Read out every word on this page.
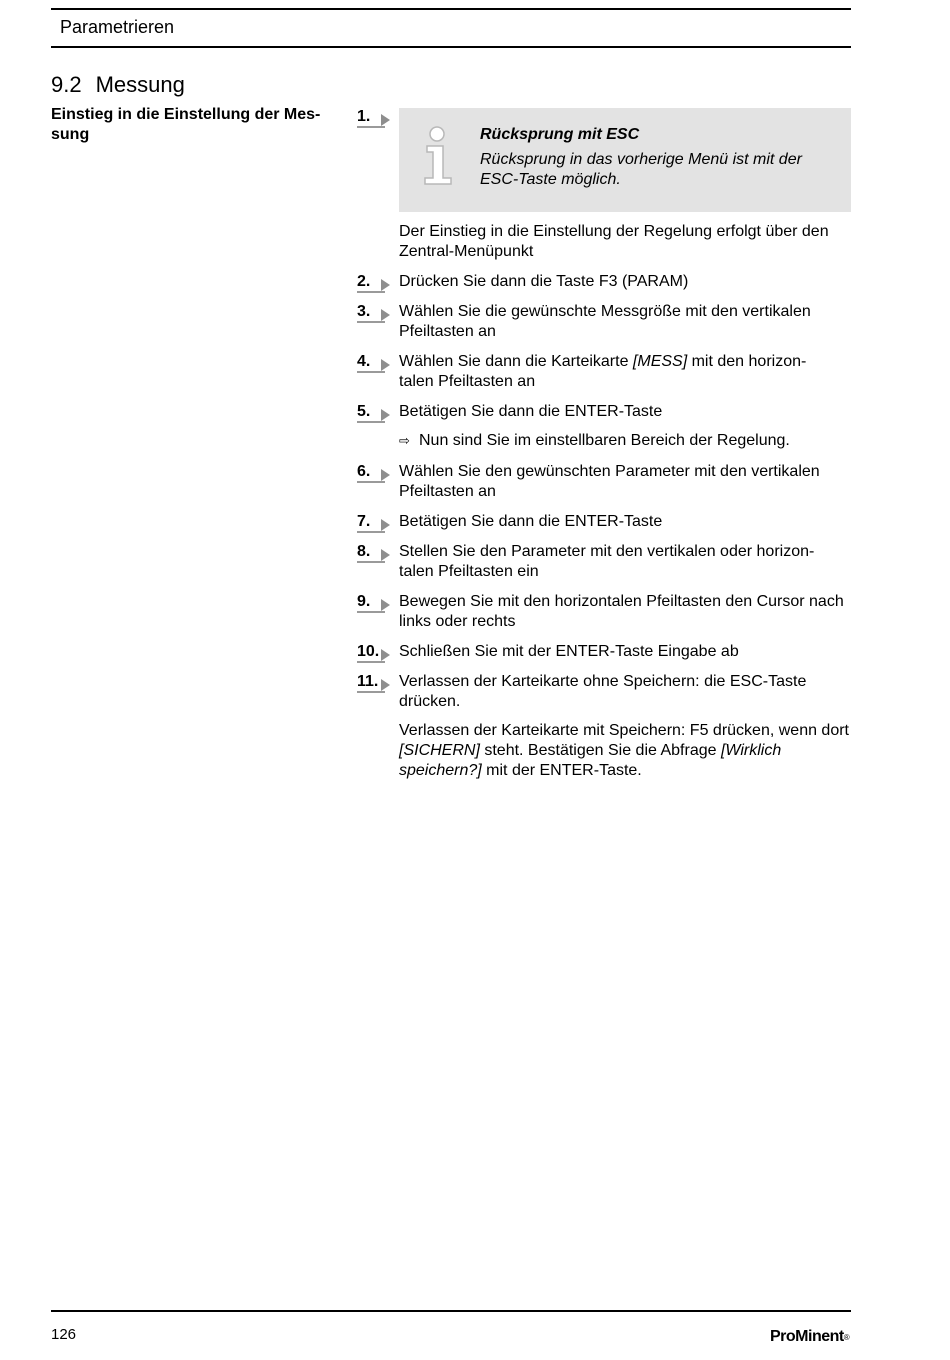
Parametrieren
9.2 Messung
Einstieg in die Einstellung der Mes-
sung
1.
Rücksprung mit ESC
Rücksprung in das vorherige Menü ist mit der ESC-Taste möglich.
Der Einstieg in die Einstellung der Regelung erfolgt über den Zentral-Menüpunkt
2. Drücken Sie dann die Taste F3 (PARAM)
3. Wählen Sie die gewünschte Messgröße mit den vertikalen Pfeiltasten an
4. Wählen Sie dann die Karteikarte [MESS] mit den horizon-
talen Pfeiltasten an
5. Betätigen Sie dann die ENTER-Taste
⇨ Nun sind Sie im einstellbaren Bereich der Regelung.
6. Wählen Sie den gewünschten Parameter mit den vertikalen Pfeiltasten an
7. Betätigen Sie dann die ENTER-Taste
8. Stellen Sie den Parameter mit den vertikalen oder horizon-
talen Pfeiltasten ein
9. Bewegen Sie mit den horizontalen Pfeiltasten den Cursor nach links oder rechts
10. Schließen Sie mit der ENTER-Taste Eingabe ab
11. Verlassen der Karteikarte ohne Speichern: die ESC-Taste drücken.
Verlassen der Karteikarte mit Speichern: F5 drücken, wenn dort [SICHERN] steht. Bestätigen Sie die Abfrage [Wirklich speichern?] mit der ENTER-Taste.
126	ProMinent®
